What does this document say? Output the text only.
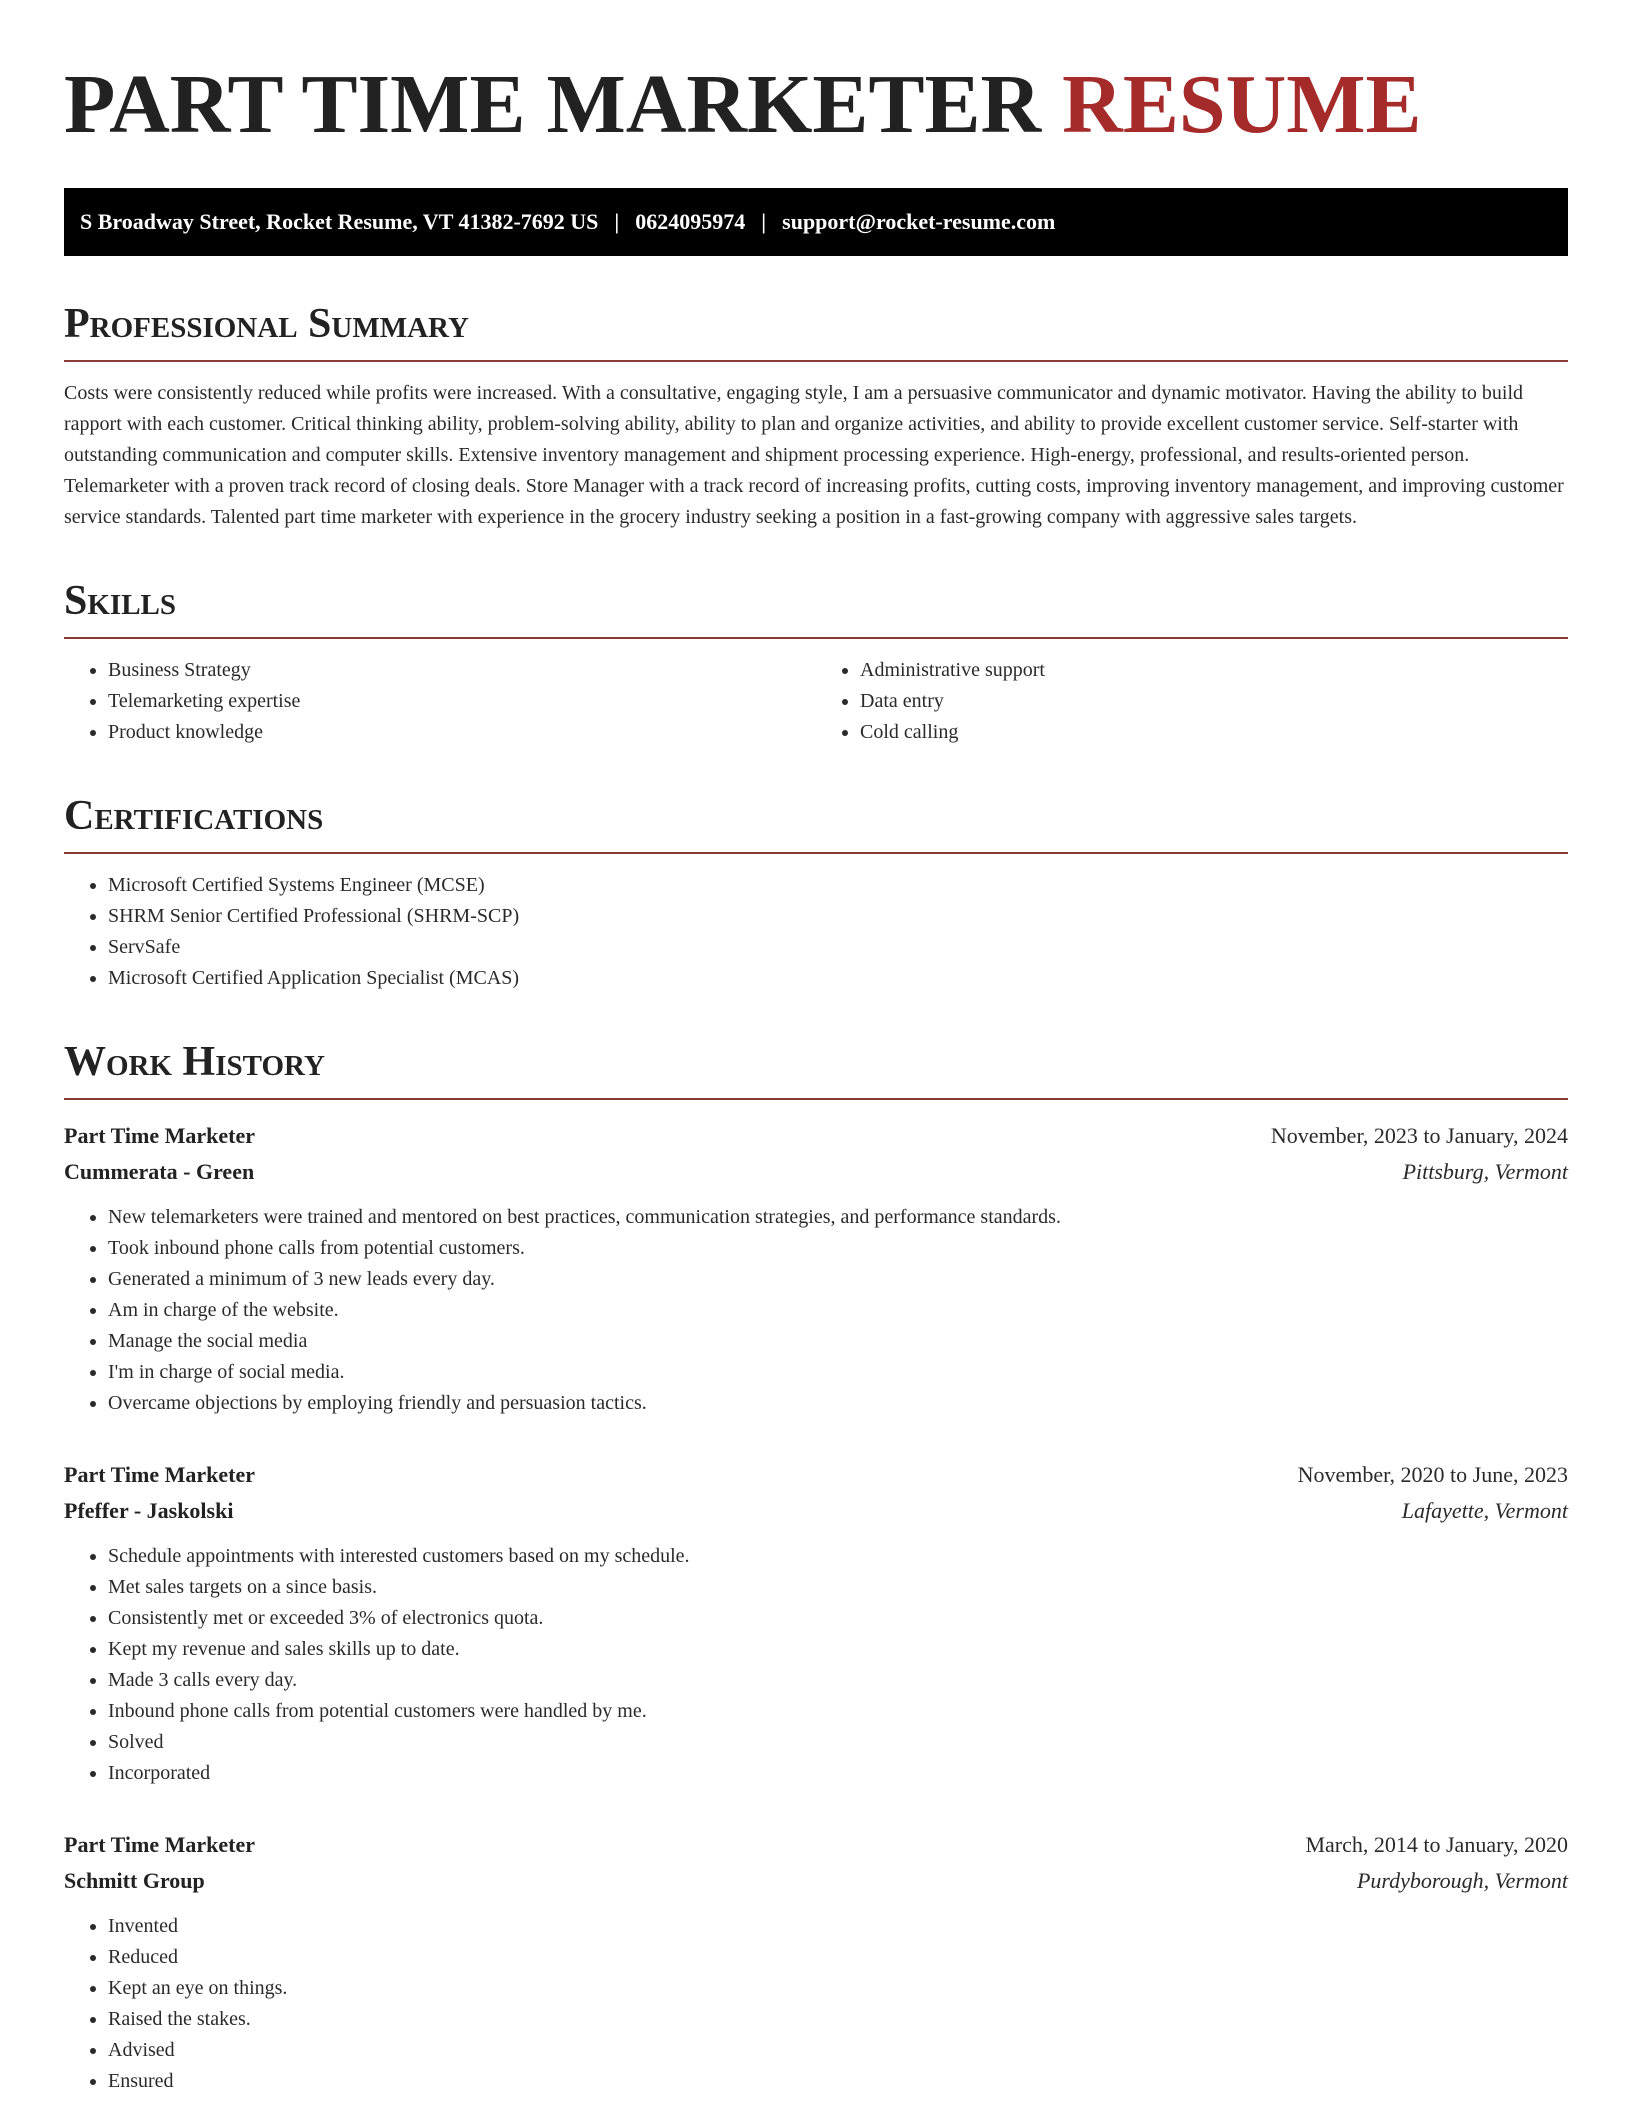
PART TIME MARKETER RESUME
S Broadway Street, Rocket Resume, VT 41382-7692 US | 0624095974 | support@rocket-resume.com
Professional Summary

Costs were consistently reduced while profits were increased. With a consultative, engaging style, I am a persuasive communicator and dynamic motivator. Having the ability to build rapport with each customer. Critical thinking ability, problem-solving ability, ability to plan and organize activities, and ability to provide excellent customer service. Self-starter with outstanding communication and computer skills. Extensive inventory management and shipment processing experience. High-energy, professional, and results-oriented person. Telemarketer with a proven track record of closing deals. Store Manager with a track record of increasing profits, cutting costs, improving inventory management, and improving customer service standards. Talented part time marketer with experience in the grocery industry seeking a position in a fast-growing company with aggressive sales targets.

Skills
• Business Strategy
• Telemarketing expertise
• Product knowledge
• Administrative support
• Data entry
• Cold calling
Certifications
• Microsoft Certified Systems Engineer (MCSE)
• SHRM Senior Certified Professional (SHRM-SCP)
• ServSafe
• Microsoft Certified Application Specialist (MCAS)
Work History
Part Time Marketer	November, 2023 to January, 2024
Cummerata - Green	Pittsburg, Vermont
• New telemarketers were trained and mentored on best practices, communication strategies, and performance standards.
• Took inbound phone calls from potential customers.
• Generated a minimum of 3 new leads every day.
• Am in charge of the website.
• Manage the social media
• I'm in charge of social media.
• Overcame objections by employing friendly and persuasion tactics.
Part Time Marketer	November, 2020 to June, 2023
Pfeffer - Jaskolski	Lafayette, Vermont
• Schedule appointments with interested customers based on my schedule.
• Met sales targets on a since basis.
• Consistently met or exceeded 3% of electronics quota.
• Kept my revenue and sales skills up to date.
• Made 3 calls every day.
• Inbound phone calls from potential customers were handled by me.
• Solved
• Incorporated
Part Time Marketer	March, 2014 to January, 2020
Schmitt Group	Purdyborough, Vermont
• Invented
• Reduced
• Kept an eye on things.
• Raised the stakes.
• Advised
• Ensured
